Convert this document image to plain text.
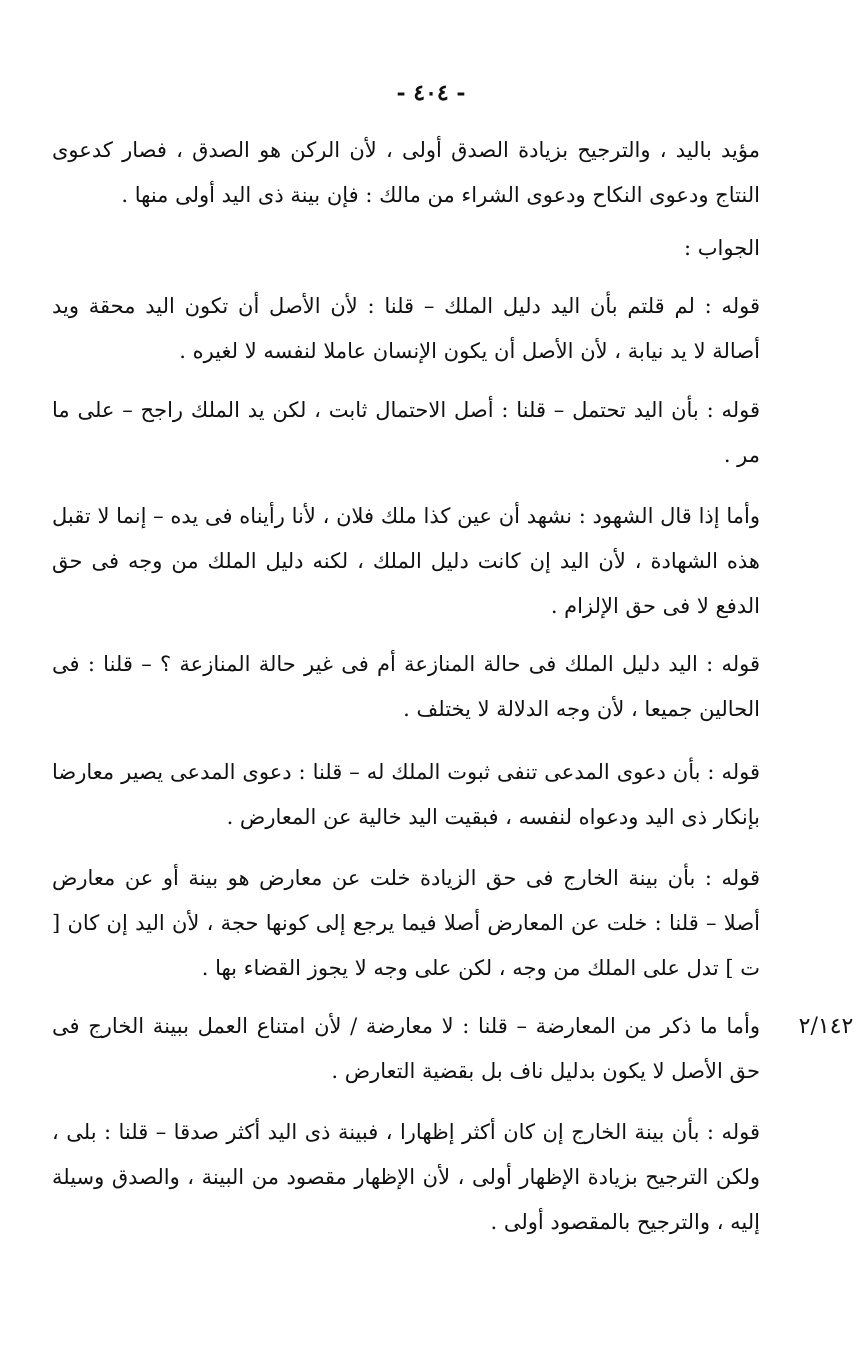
- ٤٠٤ -

مؤيد باليد ، والترجيح بزيادة الصدق أولى ، لأن الركن هو الصدق ، فصار كدعوى النتاج ودعوى النكاح ودعوى الشراء من مالك : فإن بينة ذى اليد أولى منها .

الجواب :

قوله : لم قلتم بأن اليد دليل الملك – قلنا : لأن الأصل أن تكون اليد محقة ويد أصالة لا يد نيابة ، لأن الأصل أن يكون الإنسان عاملا لنفسه لا لغيره .

قوله : بأن اليد تحتمل – قلنا : أصل الاحتمال ثابت ، لكن يد الملك راجح – على ما مر .

وأما إذا قال الشهود : نشهد أن عين كذا ملك فلان ، لأنا رأيناه فى يده – إنما لا تقبل هذه الشهادة ، لأن اليد إن كانت دليل الملك ، لكنه دليل الملك من وجه فى حق الدفع لا فى حق الإلزام .

قوله : اليد دليل الملك فى حالة المنازعة أم فى غير حالة المنازعة ؟ – قلنا : فى الحالين جميعا ، لأن وجه الدلالة لا يختلف .

قوله : بأن دعوى المدعى تنفى ثبوت الملك له – قلنا : دعوى المدعى يصير معارضا بإنكار ذى اليد ودعواه لنفسه ، فبقيت اليد خالية عن المعارض .

قوله : بأن بينة الخارج فى حق الزيادة خلت عن معارض هو بينة أو عن معارض أصلا – قلنا : خلت عن المعارض أصلا فيما يرجع إلى كونها حجة ، لأن اليد إن كان [ ت ] تدل على الملك من وجه ، لكن على وجه لا يجوز القضاء بها .

وأما ما ذكر من المعارضة – قلنا : لا معارضة / لأن امتناع العمل ببينة الخارج فى حق الأصل لا يكون بدليل ناف بل بقضية التعارض .

قوله : بأن بينة الخارج إن كان أكثر إظهارا ، فبينة ذى اليد أكثر صدقا – قلنا : بلى ، ولكن الترجيح بزيادة الإظهار أولى ، لأن الإظهار مقصود من البينة ، والصدق وسيلة إليه ، والترجيح بالمقصود أولى .

٢/١٤٢
